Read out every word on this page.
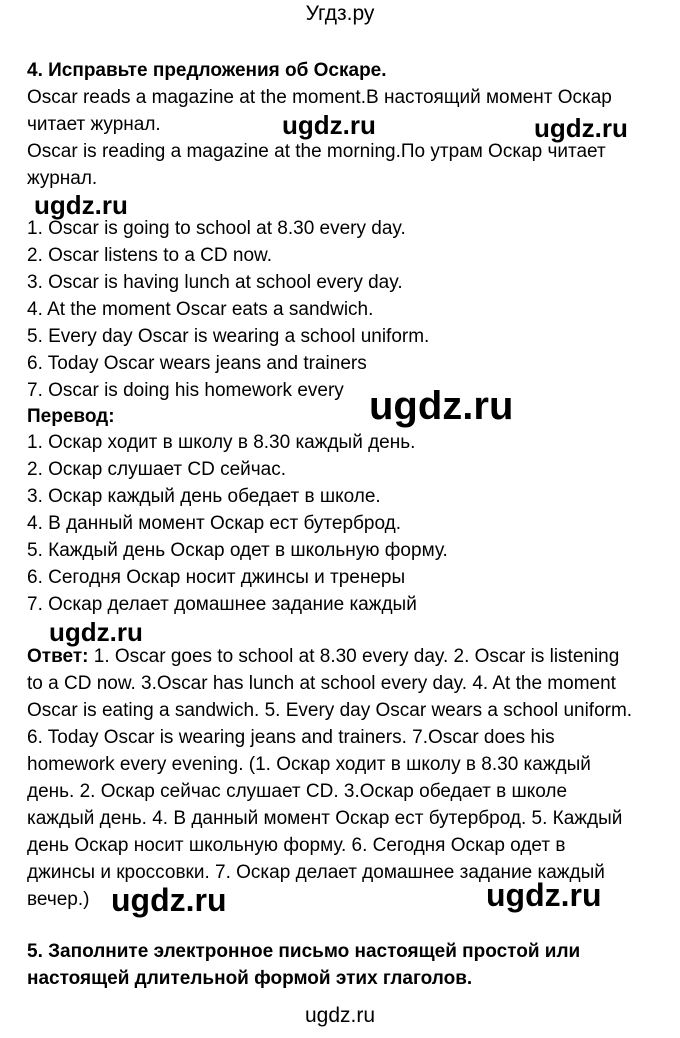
Угдз.ру
4. Исправьте предложения об Оскаре.
Oscar reads a magazine at the moment.В настоящий момент Оскар
читает журнал.
Oscar is reading a magazine at the morning.По утрам Оскар читает
журнал.
1. Oscar is going to school at 8.30 every day.
2. Oscar listens to a CD now.
3. Oscar is having lunch at school every day.
4. At the moment Oscar eats a sandwich.
5. Every day Oscar is wearing a school uniform.
6. Today Oscar wears jeans and trainers
7. Oscar is doing his homework every
Перевод:
1. Оскар ходит в школу в 8.30 каждый день.
2. Оскар слушает CD сейчас.
3. Оскар каждый день обедает в школе.
4. В данный момент Оскар ест бутерброд.
5. Каждый день Оскар одет в школьную форму.
6. Сегодня Оскар носит джинсы и тренеры
7. Оскар делает домашнее задание каждый
Ответ: 1. Oscar goes to school at 8.30 every day. 2. Oscar is listening
to a CD now. 3.Oscar has lunch at school every day. 4. At the moment
Oscar is eating a sandwich. 5. Every day Oscar wears a school uniform.
6. Today Oscar is wearing jeans and trainers. 7.Oscar does his
homework every evening. (1. Оскар ходит в школу в 8.30 каждый
день. 2. Оскар сейчас слушает CD. 3.Оскар обедает в школе
каждый день. 4. В данный момент Оскар ест бутерброд. 5. Каждый
день Оскар носит школьную форму. 6. Сегодня Оскар одет в
джинсы и кроссовки. 7. Оскар делает домашнее задание каждый
вечер.)
5. Заполните электронное письмо настоящей простой или
настоящей длительной формой этих глаголов.
ugdz.ru	ugdz.ru
ugdz.ru
ugdz.ru
ugdz.ru
ugdz.ru	ugdz.ru
ugdz.ru
